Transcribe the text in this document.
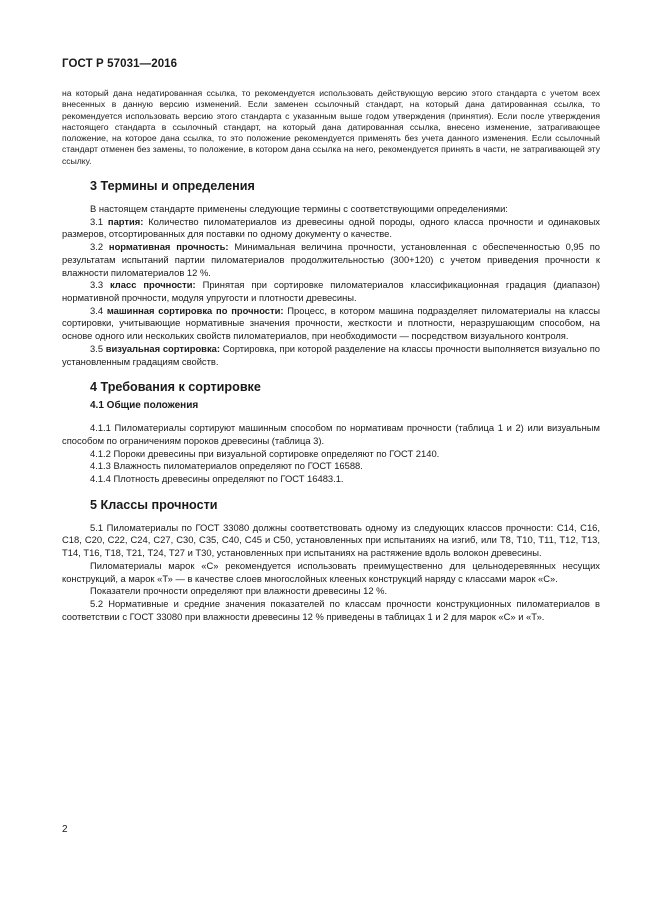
ГОСТ Р 57031—2016

на который дана недатированная ссылка, то рекомендуется использовать действующую версию этого стандарта с учетом всех внесенных в данную версию изменений. Если заменен ссылочный стандарт, на который дана датированная ссылка, то рекомендуется использовать версию этого стандарта с указанным выше годом утверждения (принятия). Если после утверждения настоящего стандарта в ссылочный стандарт, на который дана датированная ссылка, внесено изменение, затрагивающее положение, на которое дана ссылка, то это положение рекомендуется применять без учета данного изменения. Если ссылочный стандарт отменен без замены, то положение, в котором дана ссылка на него, рекомендуется принять в части, не затрагивающей эту ссылку.

3 Термины и определения

В настоящем стандарте применены следующие термины с соответствующими определениями:

3.1 партия: Количество пиломатериалов из древесины одной породы, одного класса прочности и одинаковых размеров, отсортированных для поставки по одному документу о качестве.

3.2 нормативная прочность: Минимальная величина прочности, установленная с обеспеченностью 0,95 по результатам испытаний партии пиломатериалов продолжительностью (300+120) с учетом приведения прочности к влажности пиломатериалов 12 %.

3.3 класс прочности: Принятая при сортировке пиломатериалов классификационная градация (диапазон) нормативной прочности, модуля упругости и плотности древесины.

3.4 машинная сортировка по прочности: Процесс, в котором машина подразделяет пиломатериалы на классы сортировки, учитывающие нормативные значения прочности, жесткости и плотности, неразрушающим способом, на основе одного или нескольких свойств пиломатериалов, при необходимости — посредством визуального контроля.

3.5 визуальная сортировка: Сортировка, при которой разделение на классы прочности выполняется визуально по установленным градациям свойств.

4 Требования к сортировке
4.1 Общие положения

4.1.1 Пиломатериалы сортируют машинным способом по нормативам прочности (таблица 1 и 2) или визуальным способом по ограничениям пороков древесины (таблица 3).

4.1.2 Пороки древесины при визуальной сортировке определяют по ГОСТ 2140.

4.1.3 Влажность пиломатериалов определяют по ГОСТ 16588.

4.1.4 Плотность древесины определяют по ГОСТ 16483.1.

5 Классы прочности

5.1 Пиломатериалы по ГОСТ 33080 должны соответствовать одному из следующих классов прочности: С14, С16, С18, С20, С22, С24, С27, С30, С35, С40, С45 и С50, установленных при испытаниях на изгиб, или Т8, Т10, Т11, Т12, Т13, Т14, Т16, Т18, Т21, Т24, Т27 и Т30, установленных при испытаниях на растяжение вдоль волокон древесины.

Пиломатериалы марок «С» рекомендуется использовать преимущественно для цельнодеревянных несущих конструкций, а марок «Т» — в качестве слоев многослойных клееных конструкций наряду с классами марок «С».

Показатели прочности определяют при влажности древесины 12 %.

5.2 Нормативные и средние значения показателей по классам прочности конструкционных пиломатериалов в соответствии с ГОСТ 33080 при влажности древесины 12 % приведены в таблицах 1 и 2 для марок «С» и «Т».

2
